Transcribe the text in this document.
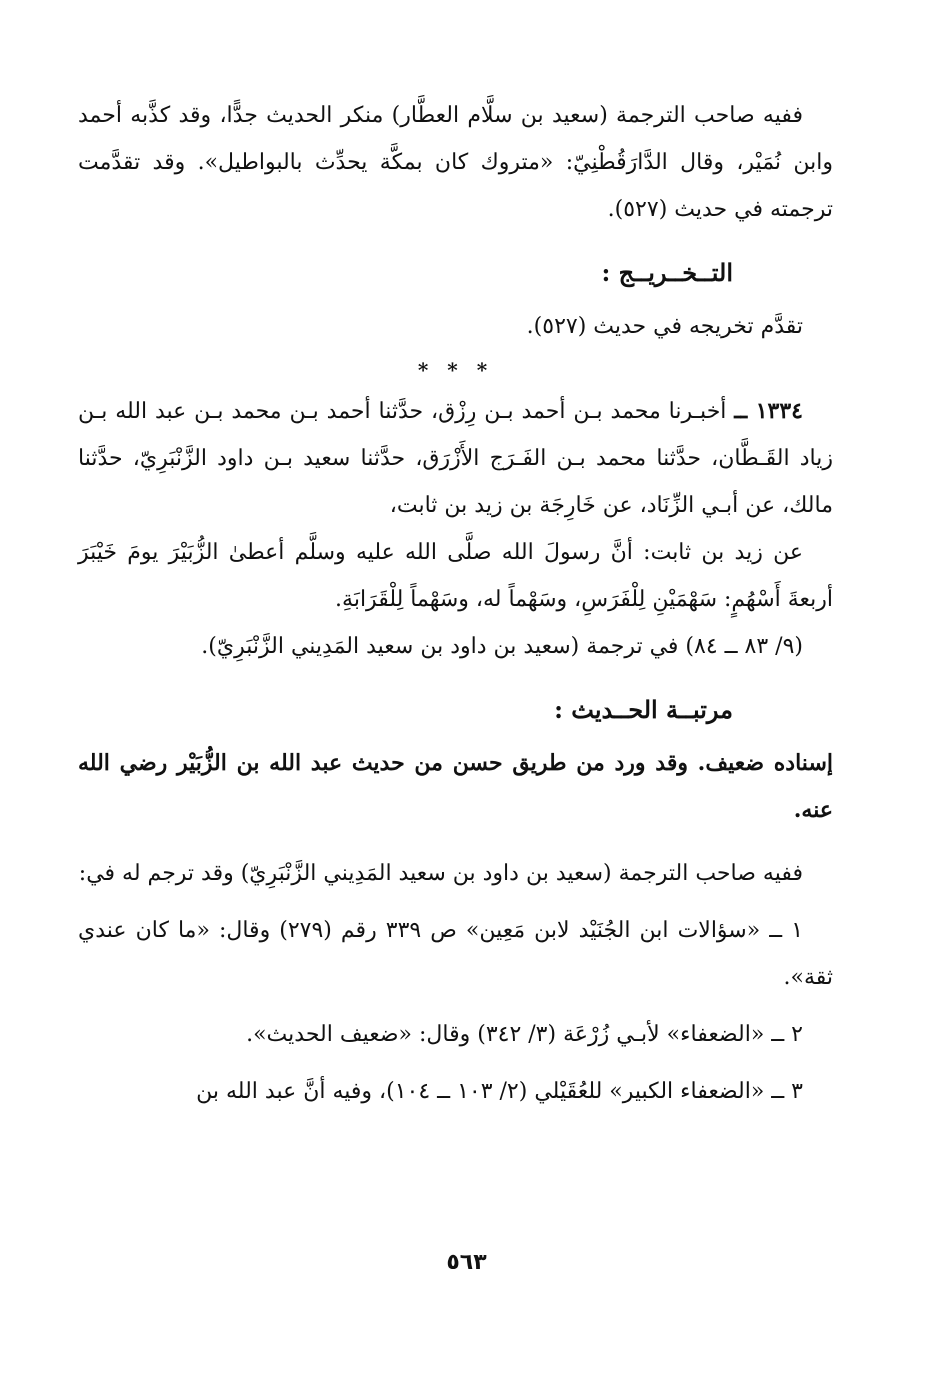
ففيه صاحب الترجمة (سعيد بن سلَّام العطَّار) منكر الحديث جدًّا، وقد كذَّبه أحمد وابن نُمَيْر، وقال الدَّارَقُطْنِيّ: «متروك كان بمكَّة يحدِّث بالبواطيل». وقد تقدَّمت ترجمته في حديث (٥٢٧).

التــخــريــج :

تقدَّم تخريجه في حديث (٥٢٧).

* * *

١٣٣٤ ــ أخبـرنا محمد بـن أحمد بـن رِزْق، حدَّثنا أحمد بـن محمد بـن عبد الله بـن زياد القَـطَّان، حدَّثنا محمد بـن الفَـرَج الأَزْرَق، حدَّثنا سعيد بـن داود الزَّنْبَرِيّ، حدَّثنا مالك، عن أبـي الزِّنَاد، عن خَارِجَة بن زيد بن ثابت،

عن زيد بن ثابت: أنَّ رسولَ الله صلَّى الله عليه وسلَّم أعطىٰ الزُّبَيْرَ يومَ خَيْبَرَ أربعةَ أَسْهُمٍ: سَهْمَيْنِ لِلْفَرَسِ، وسَهْماً له، وسَهْماً لِلْقَرَابَةِ.

(٩/ ٨٣ ــ ٨٤) في ترجمة (سعيد بن داود بن سعيد المَدِيني الزَّنْبَرِيّ).

مرتبــة الحــديث :

إسناده ضعيف. وقد ورد من طريق حسن من حديث عبد الله بن الزُّبَيْر رضي الله عنه.

ففيه صاحب الترجمة (سعيد بن داود بن سعيد المَدِيني الزَّنْبَرِيّ) وقد ترجم له في:

١ ــ «سؤالات ابن الجُنَيْد لابن مَعِين» ص ٣٣٩ رقم (٢٧٩) وقال: «ما كان عندي ثقة».

٢ ــ «الضعفاء» لأبـي زُرْعَة (٣/ ٣٤٢) وقال: «ضعيف الحديث».

٣ ــ «الضعفاء الكبير» للعُقَيْلي (٢/ ١٠٣ ــ ١٠٤)، وفيه أنَّ عبد الله بن

٥٦٣
